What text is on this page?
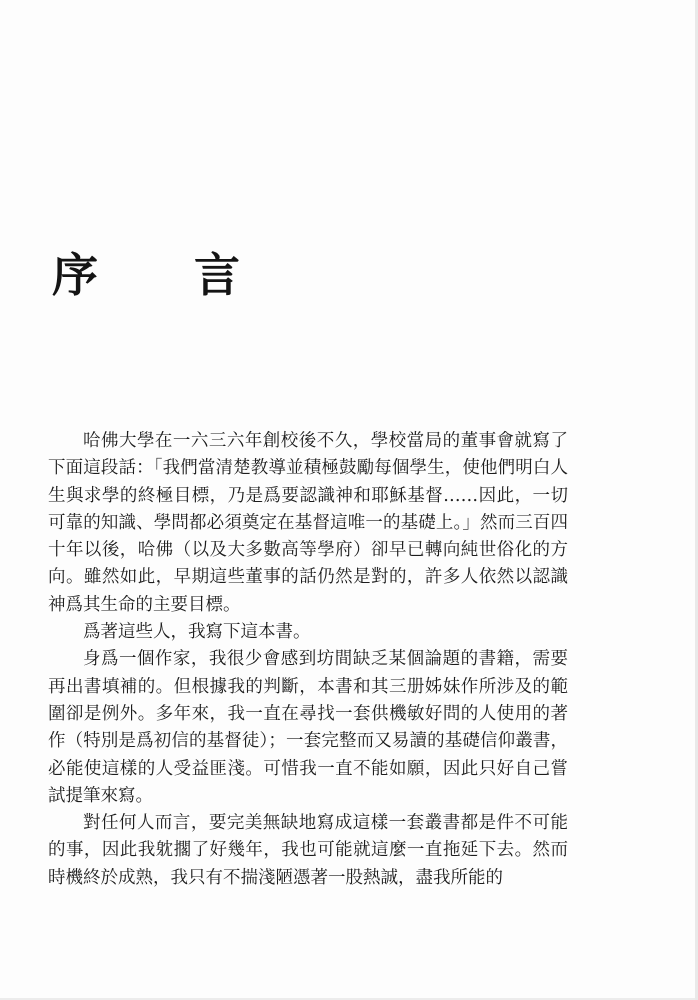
序 言

哈佛大學在一六三六年創校後不久，學校當局的董事會就寫了下面這段話：「我們當清楚教導並積極鼓勵每個學生，使他們明白人生與求學的終極目標，乃是爲要認識神和耶穌基督……因此，一切可靠的知識、學問都必須奠定在基督這唯一的基礎上。」然而三百四十年以後，哈佛（以及大多數高等學府）卻早已轉向純世俗化的方向。雖然如此，早期這些董事的話仍然是對的，許多人依然以認識神爲其生命的主要目標。

爲著這些人，我寫下這本書。

身爲一個作家，我很少會感到坊間缺乏某個論題的書籍，需要再出書填補的。但根據我的判斷，本書和其三册姊妹作所涉及的範圍卻是例外。多年來，我一直在尋找一套供機敏好問的人使用的著作（特別是爲初信的基督徒）；一套完整而又易讀的基礎信仰叢書，必能使這樣的人受益匪淺。可惜我一直不能如願，因此只好自己嘗試提筆來寫。

對任何人而言，要完美無缺地寫成這樣一套叢書都是件不可能的事，因此我躭擱了好幾年，我也可能就這麼一直拖延下去。然而時機終於成熟，我只有不揣淺陋憑著一股熱誠，盡我所能的
